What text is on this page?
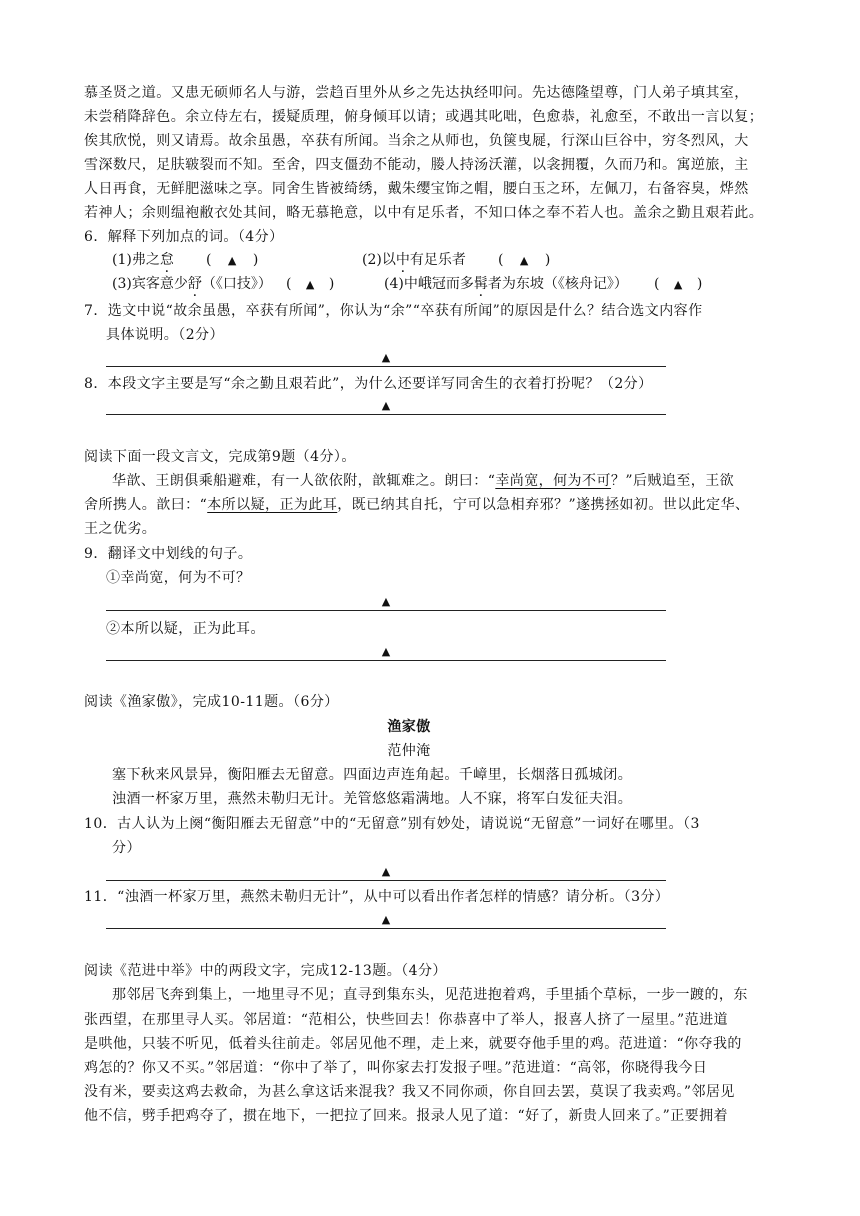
慕圣贤之道。又患无硕师名人与游，尝趋百里外从乡之先达执经叩问。先达德隆望尊，门人弟子填其室，
未尝稍降辞色。余立侍左右，援疑质理，俯身倾耳以请；或遇其叱咄，色愈恭，礼愈至，不敢出一言以复；
俟其欣悦，则又请焉。故余虽愚，卒获有所闻。当余之从师也，负箧曳屣，行深山巨谷中，穷冬烈风，大
雪深数尺，足肤皲裂而不知。至舍，四支僵劲不能动，媵人持汤沃灌，以衾拥覆，久而乃和。寓逆旅，主
人日再食，无鲜肥滋味之享。同舍生皆被绮绣，戴朱缨宝饰之帽，腰白玉之环，左佩刀，右备容臭，烨然
若神人；余则缊袍敝衣处其间，略无慕艳意，以中有足乐者，不知口体之奉不若人也。盖余之勤且艰若此。
6．解释下列加点的词。（4分）
(1)弗之怠 ( ▲ )	(2)以中有足乐者 ( ▲ )
(3)宾客意少舒（《口技》） ( ▲ )	(4)中峨冠而多髯者为东坡（《核舟记》） ( ▲ )
7．选文中说“故余虽愚，卒获有所闻”，你认为“余”“卒获有所闻”的原因是什么？结合选文内容作
具体说明。（2分）
▲
8．本段文字主要是写“余之勤且艰若此”，为什么还要详写同舍生的衣着打扮呢？（2分）
▲
阅读下面一段文言文，完成第9题（4分）。
华歆、王朗俱乘船避难，有一人欲依附，歆辄难之。朗曰：“幸尚宽，何为不可？”后贼追至，王欲
舍所携人。歆曰：“本所以疑，正为此耳，既已纳其自托，宁可以急相弃邪？”遂携拯如初。世以此定华、
王之优劣。
9．翻译文中划线的句子。
①幸尚宽，何为不可？
▲
②本所以疑，正为此耳。
▲
阅读《渔家傲》，完成10-11题。（6分）
渔家傲
范仲淹
塞下秋来风景异，衡阳雁去无留意。四面边声连角起。千嶂里，长烟落日孤城闭。
浊酒一杯家万里，燕然未勒归无计。羌管悠悠霜满地。人不寐，将军白发征夫泪。
10．古人认为上阕“衡阳雁去无留意”中的“无留意”别有妙处，请说说“无留意”一词好在哪里。（3
分）
▲
11．“浊酒一杯家万里，燕然未勒归无计”，从中可以看出作者怎样的情感？请分析。（3分）
▲
阅读《范进中举》中的两段文字，完成12-13题。（4分）
那邻居飞奔到集上，一地里寻不见；直寻到集东头，见范进抱着鸡，手里插个草标，一步一踱的，东
张西望，在那里寻人买。邻居道：“范相公，快些回去！你恭喜中了举人，报喜人挤了一屋里。”范进道
是哄他，只装不听见，低着头往前走。邻居见他不理，走上来，就要夺他手里的鸡。范进道：“你夺我的
鸡怎的？你又不买。”邻居道：“你中了举了，叫你家去打发报子哩。”范进道：“高邻，你晓得我今日
没有米，要卖这鸡去救命，为甚么拿这话来混我？我又不同你顽，你自回去罢，莫误了我卖鸡。”邻居见
他不信，劈手把鸡夺了，掼在地下，一把拉了回来。报录人见了道：“好了，新贵人回来了。”正要拥着
